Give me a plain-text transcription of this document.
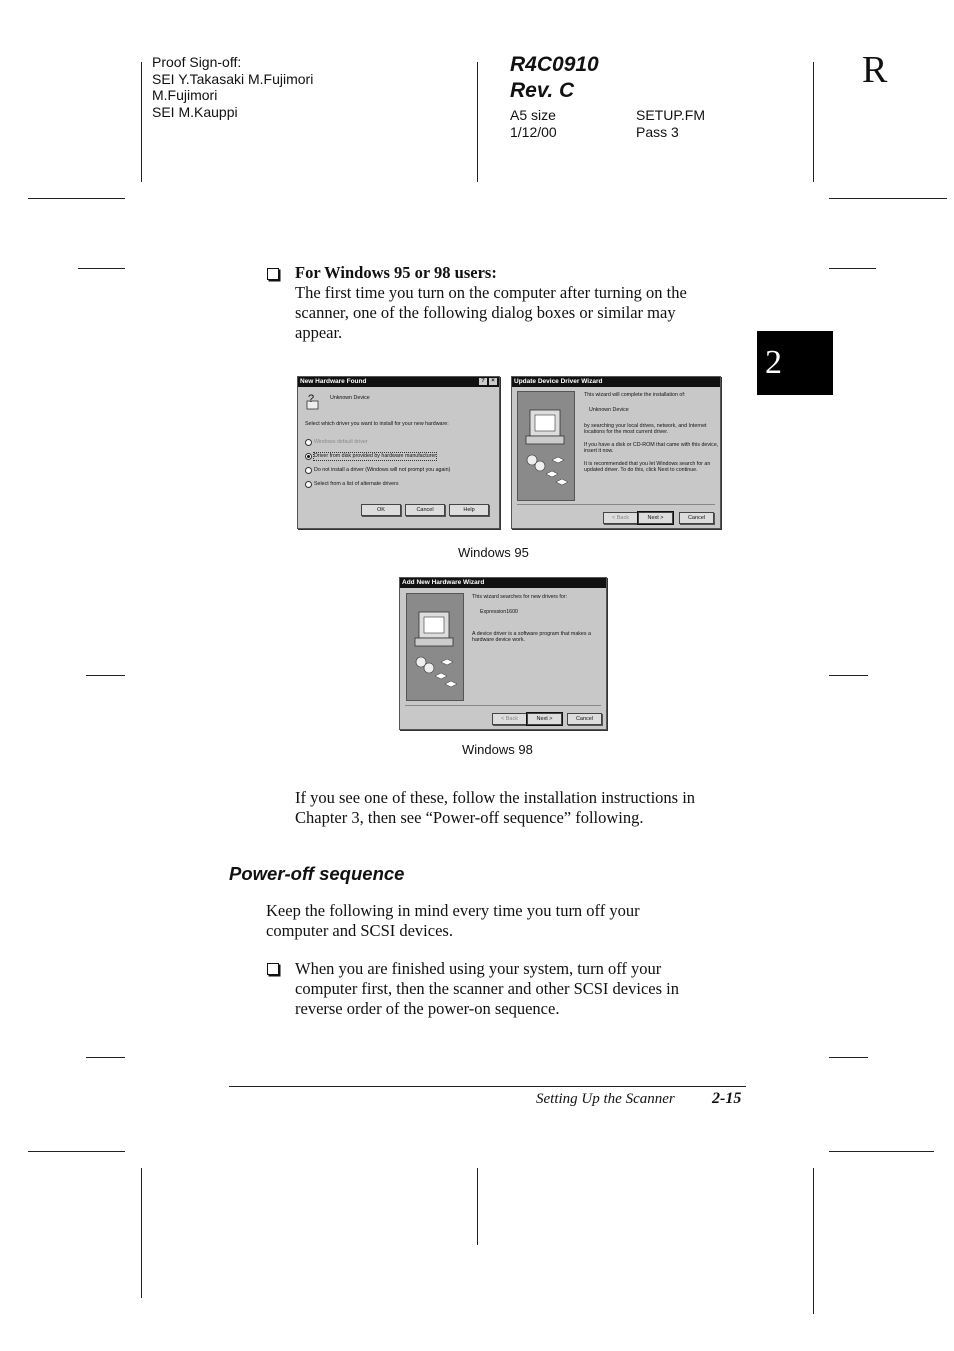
Proof Sign-off:
SEI Y.Takasaki M.Fujimori
M.Fujimori
SEI M.Kauppi
R4C0910
Rev. C
A5 size
1/12/00
SETUP.FM
Pass 3
R
2
For Windows 95 or 98 users:
The first time you turn on the computer after turning on the
scanner, one of the following dialog boxes or similar may
appear.
New Hardware Found	?	×
?	Unknown Device
Select which driver you want to install for your new hardware:
Windows default driver
Driver from disk provided by hardware manufacturer
Do not install a driver (Windows will not prompt you again)
Select from a list of alternate drivers
OK	Cancel	Help
Update Device Driver Wizard
This wizard will complete the installation of:
Unknown Device
by searching your local drives, network, and Internet
locations for the most current driver.
If you have a disk or CD-ROM that came with this device,
insert it now.
It is recommended that you let Windows search for an
updated driver. To do this, click Next to continue.
< Back	Next >	Cancel
Windows 95
Add New Hardware Wizard
This wizard searches for new drivers for:
Expression1600
A device driver is a software program that makes a
hardware device work.
< Back	Next >	Cancel
Windows 98
If you see one of these, follow the installation instructions in
Chapter 3, then see “Power-off sequence” following.
Power-off sequence
Keep the following in mind every time you turn off your
computer and SCSI devices.
When you are finished using your system, turn off your
computer first, then the scanner and other SCSI devices in
reverse order of the power-on sequence.
Setting Up the Scanner 2-15
